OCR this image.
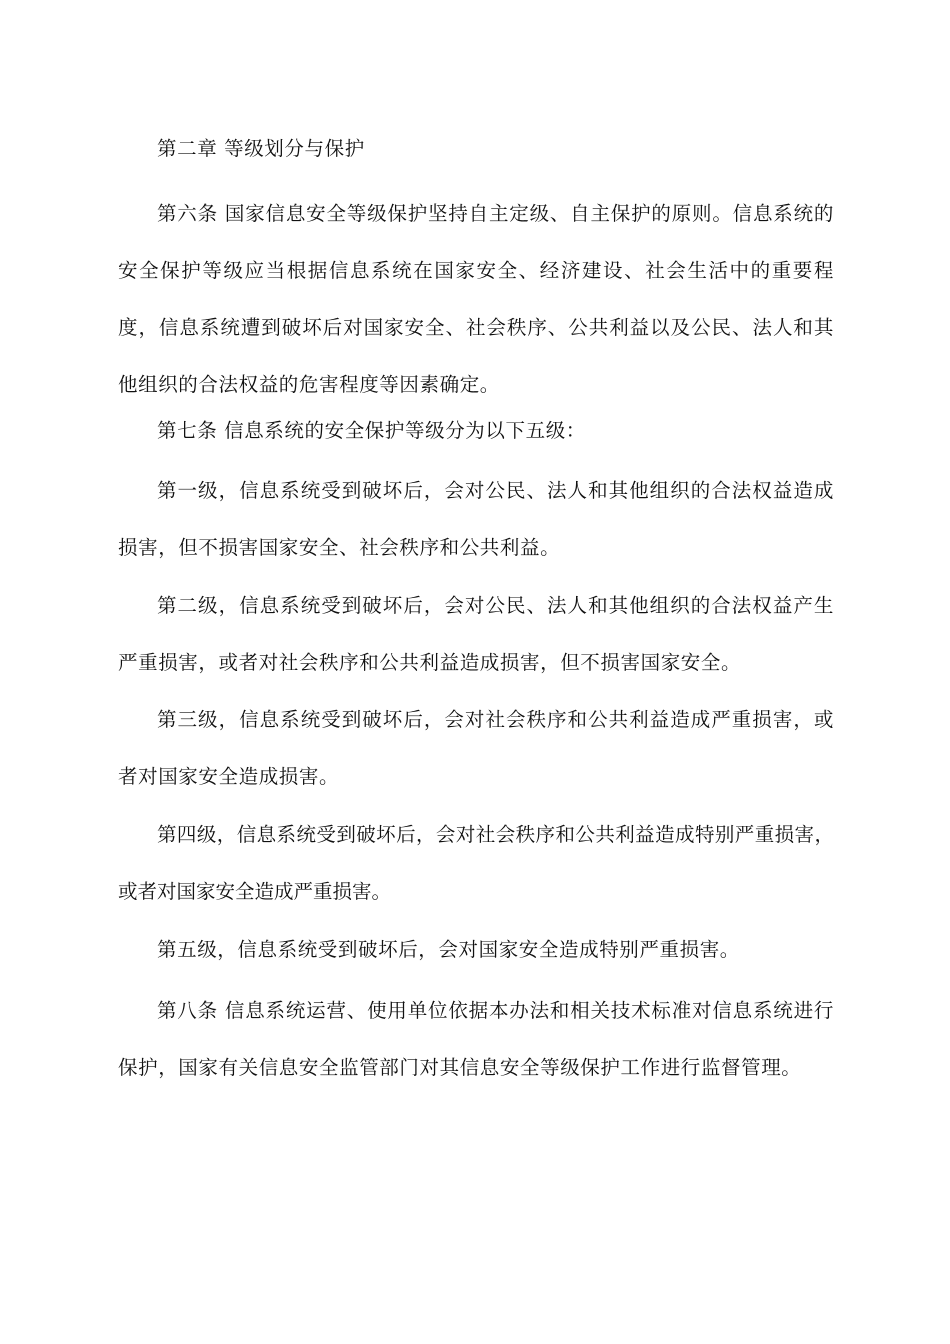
第二章 等级划分与保护
第六条 国家信息安全等级保护坚持自主定级、自主保护的原则。信息系统的安全保护等级应当根据信息系统在国家安全、经济建设、社会生活中的重要程度，信息系统遭到破坏后对国家安全、社会秩序、公共利益以及公民、法人和其他组织的合法权益的危害程度等因素确定。
第七条 信息系统的安全保护等级分为以下五级：
第一级，信息系统受到破坏后，会对公民、法人和其他组织的合法权益造成损害，但不损害国家安全、社会秩序和公共利益。
第二级，信息系统受到破坏后，会对公民、法人和其他组织的合法权益产生严重损害，或者对社会秩序和公共利益造成损害，但不损害国家安全。
第三级，信息系统受到破坏后，会对社会秩序和公共利益造成严重损害，或者对国家安全造成损害。
第四级，信息系统受到破坏后，会对社会秩序和公共利益造成特别严重损害，或者对国家安全造成严重损害。
第五级，信息系统受到破坏后，会对国家安全造成特别严重损害。
第八条 信息系统运营、使用单位依据本办法和相关技术标准对信息系统进行保护，国家有关信息安全监管部门对其信息安全等级保护工作进行监督管理。
